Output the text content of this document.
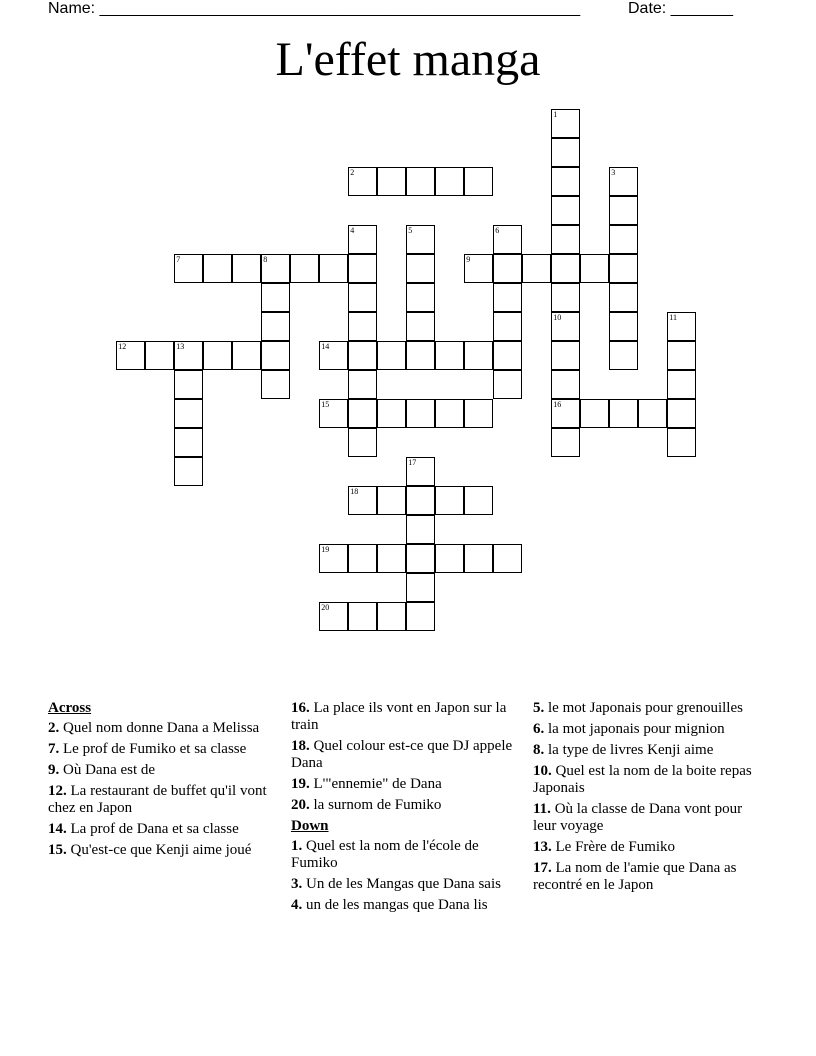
Name: ______________________________________________________	Date: _______
L'effet manga
1
2	3
4	5	6
7	8	9
10
16
11
12	13	14
15
17
18
19
20
Across
2. Quel nom donne Dana a Melissa
7. Le prof de Fumiko et sa classe
9. Où Dana est de
12. La restaurant de buffet qu'il vont chez en Japon
14. La prof de Dana et sa classe
15. Qu'est-ce que Kenji aime joué
16. La place ils vont en Japon sur la train
18. Quel colour est-ce que DJ appele Dana
19. L'"ennemie" de Dana
20. la surnom de Fumiko
Down
1. Quel est la nom de l'école de Fumiko
3. Un de les Mangas que Dana sais
4. un de les mangas que Dana lis
5. le mot Japonais pour grenouilles
6. la mot japonais pour mignion
8. la type de livres Kenji aime
10. Quel est la nom de la boite repas Japonais
11. Où la classe de Dana vont pour leur voyage
13. Le Frère de Fumiko
17. La nom de l'amie que Dana as recontré en le Japon
